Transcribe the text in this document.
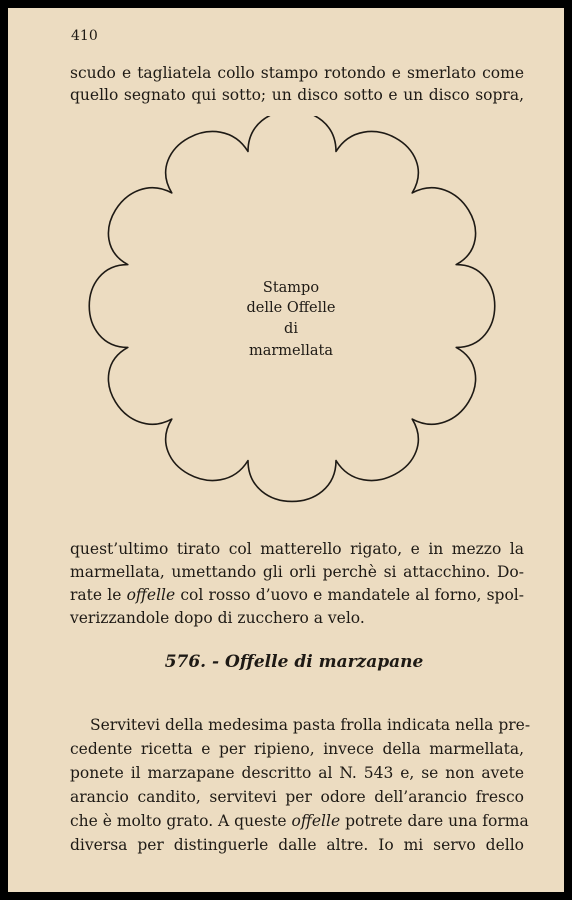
410
scudo e tagliatela collo stampo rotondo e smerlato come
quello segnato qui sotto; un disco sotto e un disco sopra,
Stampo
delle Offelle
di
marmellata
quest’ultimo tirato col matterello rigato, e in mezzo la
marmellata, umettando gli orli perchè si attacchino. Do-
rate le offelle col rosso d’uovo e mandatele al forno, spol-
verizzandole dopo di zucchero a velo.
576. - Offelle di marzapane
Servitevi della medesima pasta frolla indicata nella pre-
cedente ricetta e per ripieno, invece della marmellata,
ponete il marzapane descritto al N. 543 e, se non avete
arancio candito, servitevi per odore dell’arancio fresco
che è molto grato. A queste offelle potrete dare una forma
diversa per distinguerle dalle altre. Io mi servo dello
